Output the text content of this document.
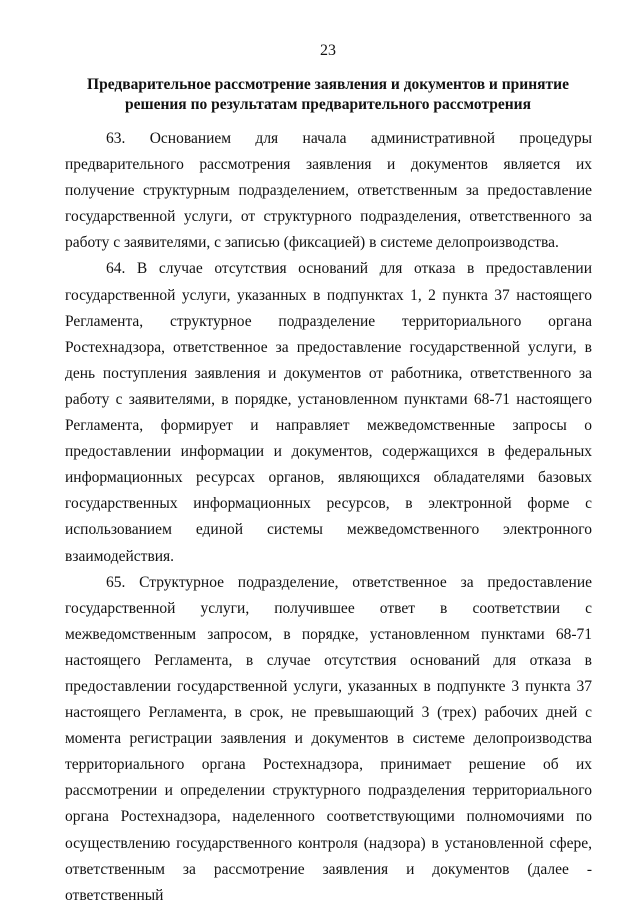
23
Предварительное рассмотрение заявления и документов и принятие решения по результатам предварительного рассмотрения

63. Основанием для начала административной процедуры предварительного рассмотрения заявления и документов является их получение структурным подразделением, ответственным за предоставление государственной услуги, от структурного подразделения, ответственного за работу с заявителями, с записью (фиксацией) в системе делопроизводства.

64. В случае отсутствия оснований для отказа в предоставлении государственной услуги, указанных в подпунктах 1, 2 пункта 37 настоящего Регламента, структурное подразделение территориального органа Ростехнадзора, ответственное за предоставление государственной услуги, в день поступления заявления и документов от работника, ответственного за работу с заявителями, в порядке, установленном пунктами 68-71 настоящего Регламента, формирует и направляет межведомственные запросы о предоставлении информации и документов, содержащихся в федеральных информационных ресурсах органов, являющихся обладателями базовых государственных информационных ресурсов, в электронной форме с использованием единой системы межведомственного электронного взаимодействия.

65. Структурное подразделение, ответственное за предоставление государственной услуги, получившее ответ в соответствии с межведомственным запросом, в порядке, установленном пунктами 68-71 настоящего Регламента, в случае отсутствия оснований для отказа в предоставлении государственной услуги, указанных в подпункте 3 пункта 37 настоящего Регламента, в срок, не превышающий 3 (трех) рабочих дней с момента регистрации заявления и документов в системе делопроизводства территориального органа Ростехнадзора, принимает решение об их рассмотрении и определении структурного подразделения территориального органа Ростехнадзора, наделенного соответствующими полномочиями по осуществлению государственного контроля (надзора) в установленной сфере, ответственным за рассмотрение заявления и документов (далее - ответственный
